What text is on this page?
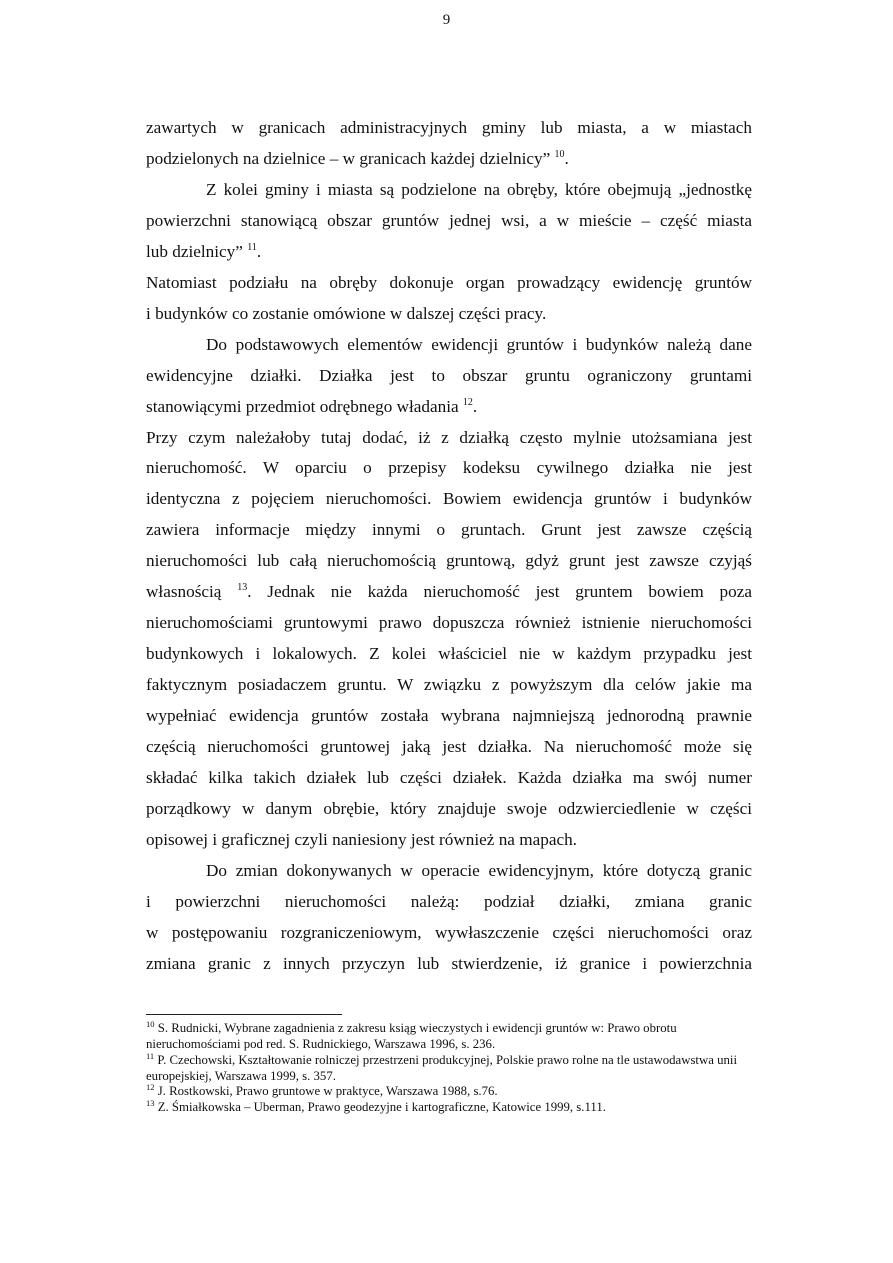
9
zawartych w granicach administracyjnych gminy lub miasta, a w miastach
podzielonych na dzielnice – w granicach każdej dzielnicy” $^{10}$.
Z kolei gminy i miasta są podzielone na obręby, które obejmują „jednostkę
powierzchni stanowiącą obszar gruntów jednej wsi, a w mieście – część miasta
lub dzielnicy” $^{11}$.
Natomiast podziału na obręby dokonuje organ prowadzący ewidencję gruntów
i budynków co zostanie omówione w dalszej części pracy.
Do podstawowych elementów ewidencji gruntów i budynków należą dane
ewidencyjne działki. Działka jest to obszar gruntu ograniczony gruntami
stanowiącymi przedmiot odrębnego władania $^{12}$.
Przy czym należałoby tutaj dodać, iż z działką często mylnie utożsamiana jest
nieruchomość. W oparciu o przepisy kodeksu cywilnego działka nie jest
identyczna z pojęciem nieruchomości. Bowiem ewidencja gruntów i budynków
zawiera informacje między innymi o gruntach. Grunt jest zawsze częścią
nieruchomości lub całą nieruchomością gruntową, gdyż grunt jest zawsze czyjąś
własnością $^{13}$. Jednak nie każda nieruchomość jest gruntem bowiem poza
nieruchomościami gruntowymi prawo dopuszcza również istnienie nieruchomości
budynkowych i lokalowych. Z kolei właściciel nie w każdym przypadku jest
faktycznym posiadaczem gruntu. W związku z powyższym dla celów jakie ma
wypełniać ewidencja gruntów została wybrana najmniejszą jednorodną prawnie
częścią nieruchomości gruntowej jaką jest działka. Na nieruchomość może się
składać kilka takich działek lub części działek. Każda działka ma swój numer
porządkowy w danym obrębie, który znajduje swoje odzwierciedlenie w części
opisowej i graficznej czyli naniesiony jest również na mapach.
Do zmian dokonywanych w operacie ewidencyjnym, które dotyczą granic
i powierzchni nieruchomości należą: podział działki, zmiana granic
w postępowaniu rozgraniczeniowym, wywłaszczenie części nieruchomości oraz
zmiana granic z innych przyczyn lub stwierdzenie, iż granice i powierzchnia
$^{10}$ S. Rudnicki, Wybrane zagadnienia z zakresu ksiąg wieczystych i ewidencji gruntów w: Prawo obrotu nieruchomościami pod red. S. Rudnickiego, Warszawa 1996, s. 236.
$^{11}$ P. Czechowski, Kształtowanie rolniczej przestrzeni produkcyjnej, Polskie prawo rolne na tle ustawodawstwa unii europejskiej, Warszawa 1999, s. 357.
$^{12}$ J. Rostkowski, Prawo gruntowe w praktyce, Warszawa 1988, s.76.
$^{13}$ Z. Śmiałkowska – Uberman, Prawo geodezyjne i kartograficzne, Katowice 1999, s.111.
